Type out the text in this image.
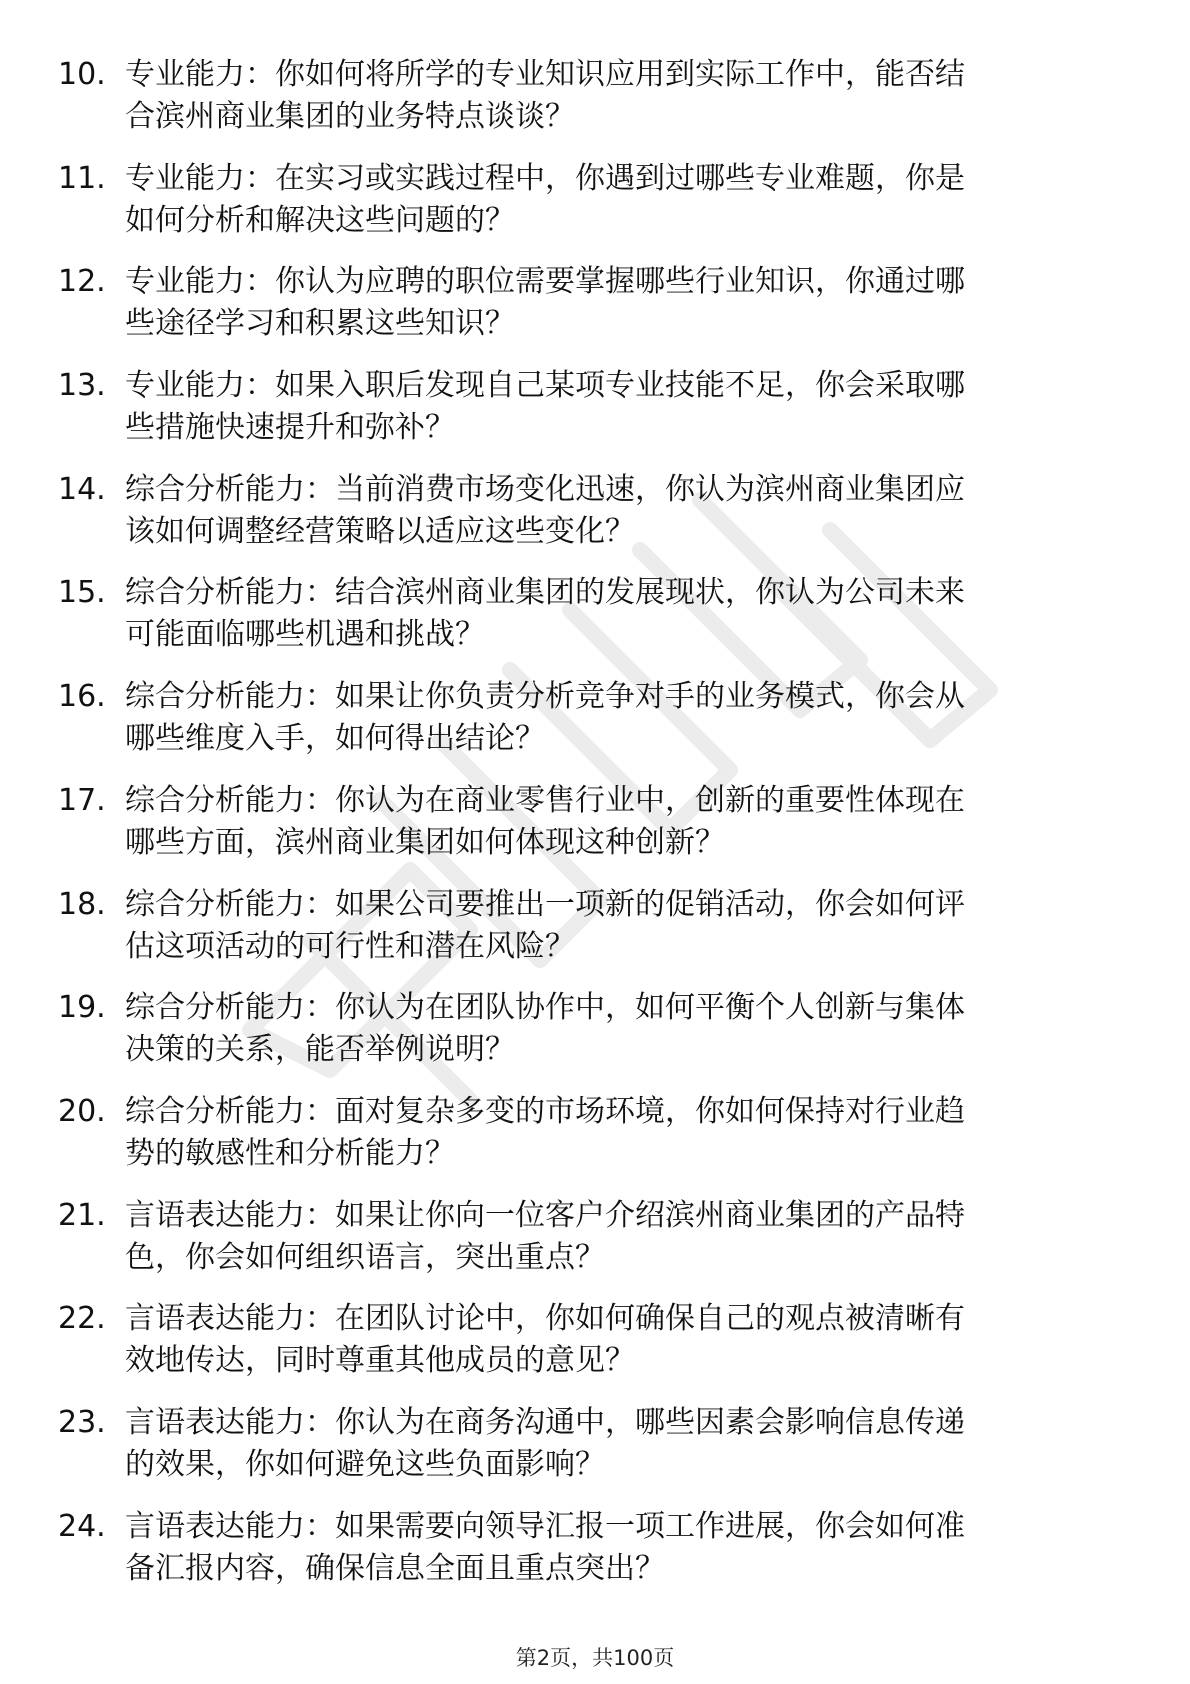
10. 专业能力：你如何将所学的专业知识应用到实际工作中，能否结
合滨州商业集团的业务特点谈谈？
11. 专业能力：在实习或实践过程中，你遇到过哪些专业难题，你是
如何分析和解决这些问题的？
12. 专业能力：你认为应聘的职位需要掌握哪些行业知识，你通过哪
些途径学习和积累这些知识？
13. 专业能力：如果入职后发现自己某项专业技能不足，你会采取哪
些措施快速提升和弥补？
14. 综合分析能力：当前消费市场变化迅速，你认为滨州商业集团应
该如何调整经营策略以适应这些变化？
15. 综合分析能力：结合滨州商业集团的发展现状，你认为公司未来
可能面临哪些机遇和挑战？
16. 综合分析能力：如果让你负责分析竞争对手的业务模式，你会从
哪些维度入手，如何得出结论？
17. 综合分析能力：你认为在商业零售行业中，创新的重要性体现在
哪些方面，滨州商业集团如何体现这种创新？
18. 综合分析能力：如果公司要推出一项新的促销活动，你会如何评
估这项活动的可行性和潜在风险？
19. 综合分析能力：你认为在团队协作中，如何平衡个人创新与集体
决策的关系，能否举例说明？
20. 综合分析能力：面对复杂多变的市场环境，你如何保持对行业趋
势的敏感性和分析能力？
21. 言语表达能力：如果让你向一位客户介绍滨州商业集团的产品特
色，你会如何组织语言，突出重点？
22. 言语表达能力：在团队讨论中，你如何确保自己的观点被清晰有
效地传达，同时尊重其他成员的意见？
23. 言语表达能力：你认为在商务沟通中，哪些因素会影响信息传递
的效果，你如何避免这些负面影响？
24. 言语表达能力：如果需要向领导汇报一项工作进展，你会如何准
备汇报内容，确保信息全面且重点突出？
第2页，共100页
